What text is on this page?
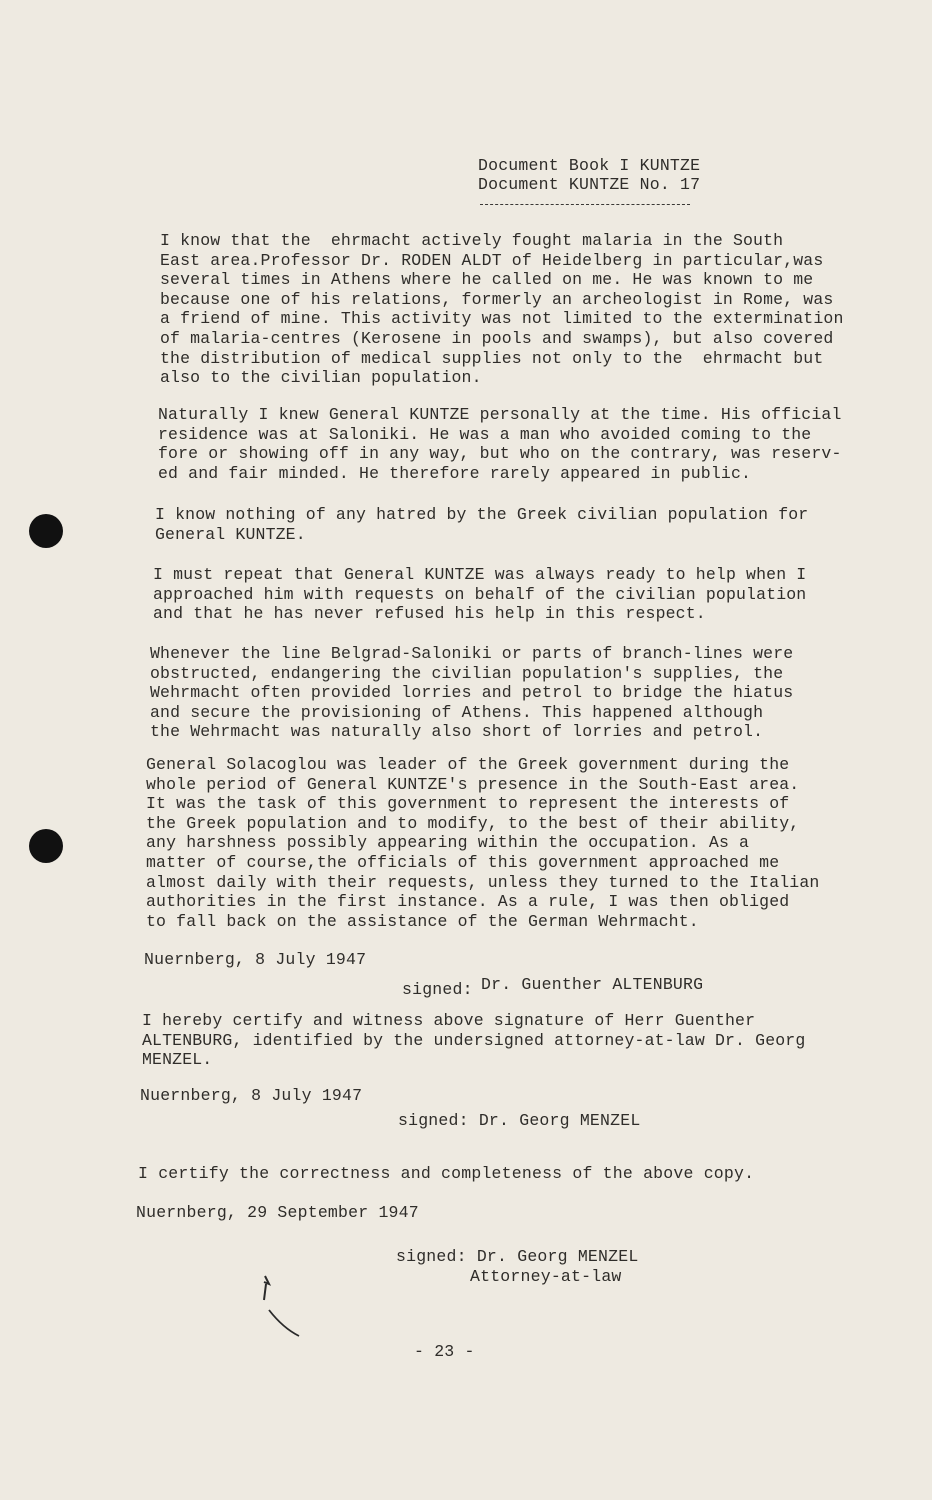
Document Book I KUNTZE
Document KUNTZE No. 17
I know that the  ehrmacht actively fought malaria in the South
East area.Professor Dr. RODEN ALDT of Heidelberg in particular,was
several times in Athens where he called on me. He was known to me
because one of his relations, formerly an archeologist in Rome, was
a friend of mine. This activity was not limited to the extermination
of malaria-centres (Kerosene in pools and swamps), but also covered
the distribution of medical supplies not only to the  ehrmacht but
also to the civilian population.
Naturally I knew General KUNTZE personally at the time. His official
residence was at Saloniki. He was a man who avoided coming to the
fore or showing off in any way, but who on the contrary, was reserv-
ed and fair minded. He therefore rarely appeared in public.
I know nothing of any hatred by the Greek civilian population for
General KUNTZE.
I must repeat that General KUNTZE was always ready to help when I
approached him with requests on behalf of the civilian population
and that he has never refused his help in this respect.
Whenever the line Belgrad-Saloniki or parts of branch-lines were
obstructed, endangering the civilian population's supplies, the
Wehrmacht often provided lorries and petrol to bridge the hiatus
and secure the provisioning of Athens. This happened although
the Wehrmacht was naturally also short of lorries and petrol.
General Solacoglou was leader of the Greek government during the
whole period of General KUNTZE's presence in the South-East area.
It was the task of this government to represent the interests of
the Greek population and to modify, to the best of their ability,
any harshness possibly appearing within the occupation. As a
matter of course,the officials of this government approached me
almost daily with their requests, unless they turned to the Italian
authorities in the first instance. As a rule, I was then obliged
to fall back on the assistance of the German Wehrmacht.
Nuernberg, 8 July 1947
signed: Dr. Guenther ALTENBURG
I hereby certify and witness above signature of Herr Guenther
ALTENBURG, identified by the undersigned attorney-at-law Dr. Georg
MENZEL.
Nuernberg, 8 July 1947
signed: Dr. Georg MENZEL
I certify the correctness and completeness of the above copy.
Nuernberg, 29 September 1947
signed: Dr. Georg MENZEL
Attorney-at-law
- 23 -
